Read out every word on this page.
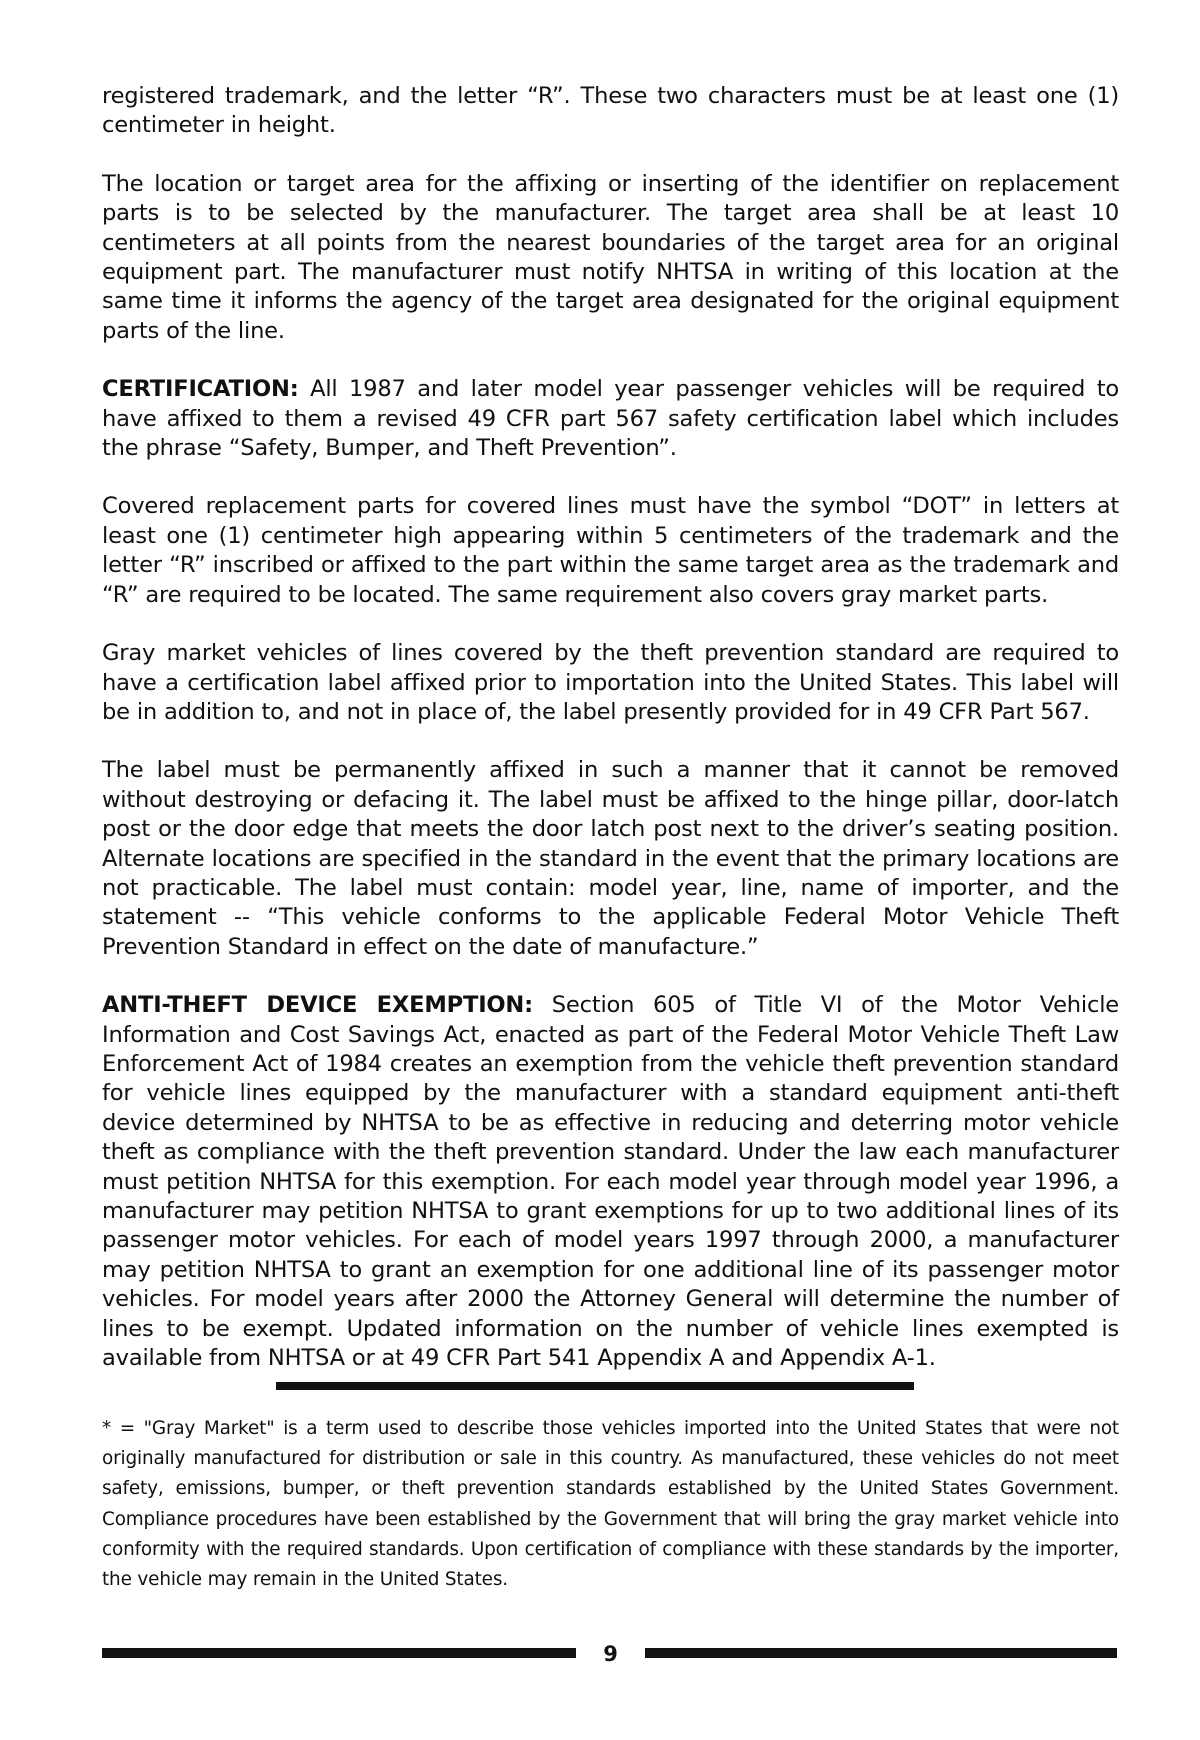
registered trademark, and the letter “R”. These two characters must be at least one (1) centimeter in height.

The location or target area for the affixing or inserting of the identifier on replacement parts is to be selected by the manufacturer. The target area shall be at least 10 centimeters at all points from the nearest boundaries of the target area for an original equipment part. The manufacturer must notify NHTSA in writing of this location at the same time it informs the agency of the target area designated for the original equipment parts of the line.

CERTIFICATION: All 1987 and later model year passenger vehicles will be required to have affixed to them a revised 49 CFR part 567 safety certification label which includes the phrase “Safety, Bumper, and Theft Prevention”.

Covered replacement parts for covered lines must have the symbol “DOT” in letters at least one (1) centimeter high appearing within 5 centimeters of the trademark and the letter “R” inscribed or affixed to the part within the same target area as the trademark and “R” are required to be located. The same requirement also covers gray market parts.

Gray market vehicles of lines covered by the theft prevention standard are required to have a certification label affixed prior to importation into the United States. This label will be in addition to, and not in place of, the label presently provided for in 49 CFR Part 567.

The label must be permanently affixed in such a manner that it cannot be removed without destroying or defacing it. The label must be affixed to the hinge pillar, door-latch post or the door edge that meets the door latch post next to the driver’s seating position. Alternate locations are specified in the standard in the event that the primary locations are not practicable. The label must contain: model year, line, name of importer, and the statement -- “This vehicle conforms to the applicable Federal Motor Vehicle Theft Prevention Standard in effect on the date of manufacture.”

ANTI-THEFT DEVICE EXEMPTION: Section 605 of Title VI of the Motor Vehicle Information and Cost Savings Act, enacted as part of the Federal Motor Vehicle Theft Law Enforcement Act of 1984 creates an exemption from the vehicle theft prevention standard for vehicle lines equipped by the manufacturer with a standard equipment anti-theft device determined by NHTSA to be as effective in reducing and deterring motor vehicle theft as compliance with the theft prevention standard. Under the law each manufacturer must petition NHTSA for this exemption. For each model year through model year 1996, a manufacturer may petition NHTSA to grant exemptions for up to two additional lines of its passenger motor vehicles. For each of model years 1997 through 2000, a manufacturer may petition NHTSA to grant an exemption for one additional line of its passenger motor vehicles. For model years after 2000 the Attorney General will determine the number of lines to be exempt. Updated information on the number of vehicle lines exempted is available from NHTSA or at 49 CFR Part 541 Appendix A and Appendix A-1.

* = "Gray Market" is a term used to describe those vehicles imported into the United States that were not originally manufactured for distribution or sale in this country. As manufactured, these vehicles do not meet safety, emissions, bumper, or theft prevention standards established by the United States Government. Compliance procedures have been established by the Government that will bring the gray market vehicle into conformity with the required standards. Upon certification of compliance with these standards by the importer, the vehicle may remain in the United States.

9
